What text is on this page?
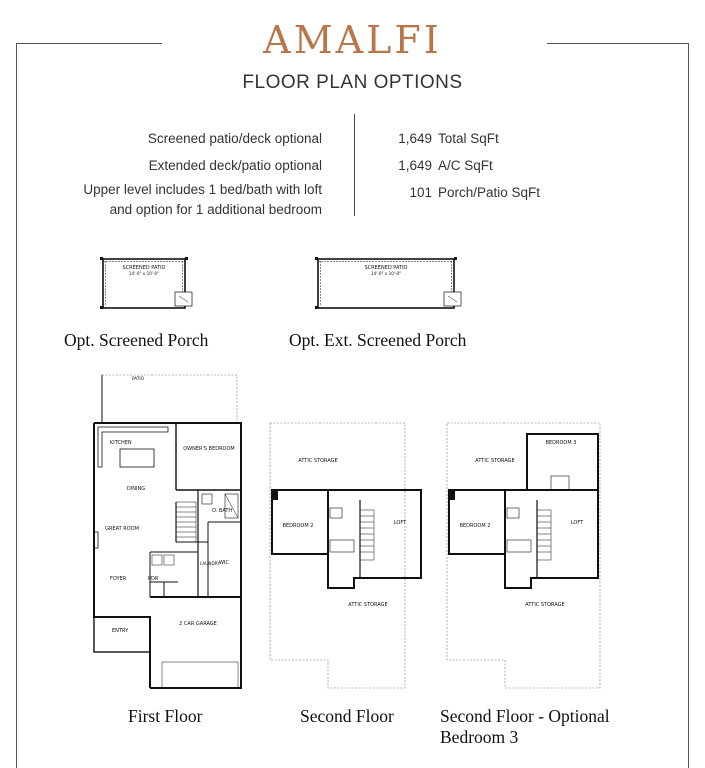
AMALFI
FLOOR PLAN OPTIONS
Screened patio/deck optional
Extended deck/patio optional
Upper level includes 1 bed/bath with loft
and option for 1 additional bedroom
1,649 Total SqFt
1,649 A/C SqFt
101 Porch/Patio SqFt
SCREENED PATIO
14'-0" x 10'-0"
Opt. Screened Porch
SCREENED PATIO
14'-0" x 10'-0"
Opt. Ext. Screened Porch
PATIO
KITCHEN
DINING
GREAT ROOM
OWNER'S BEDROOM
O. BATH
WIC
LAUNDRY
FOYER	PDR
ENTRY
2 CAR GARAGE
First Floor
ATTIC STORAGE
BEDROOM 2	LOFT
ATTIC STORAGE
Second Floor
ATTIC STORAGE
BEDROOM 3
BEDROOM 2	LOFT
ATTIC STORAGE
Second Floor - Optional
Bedroom 3
